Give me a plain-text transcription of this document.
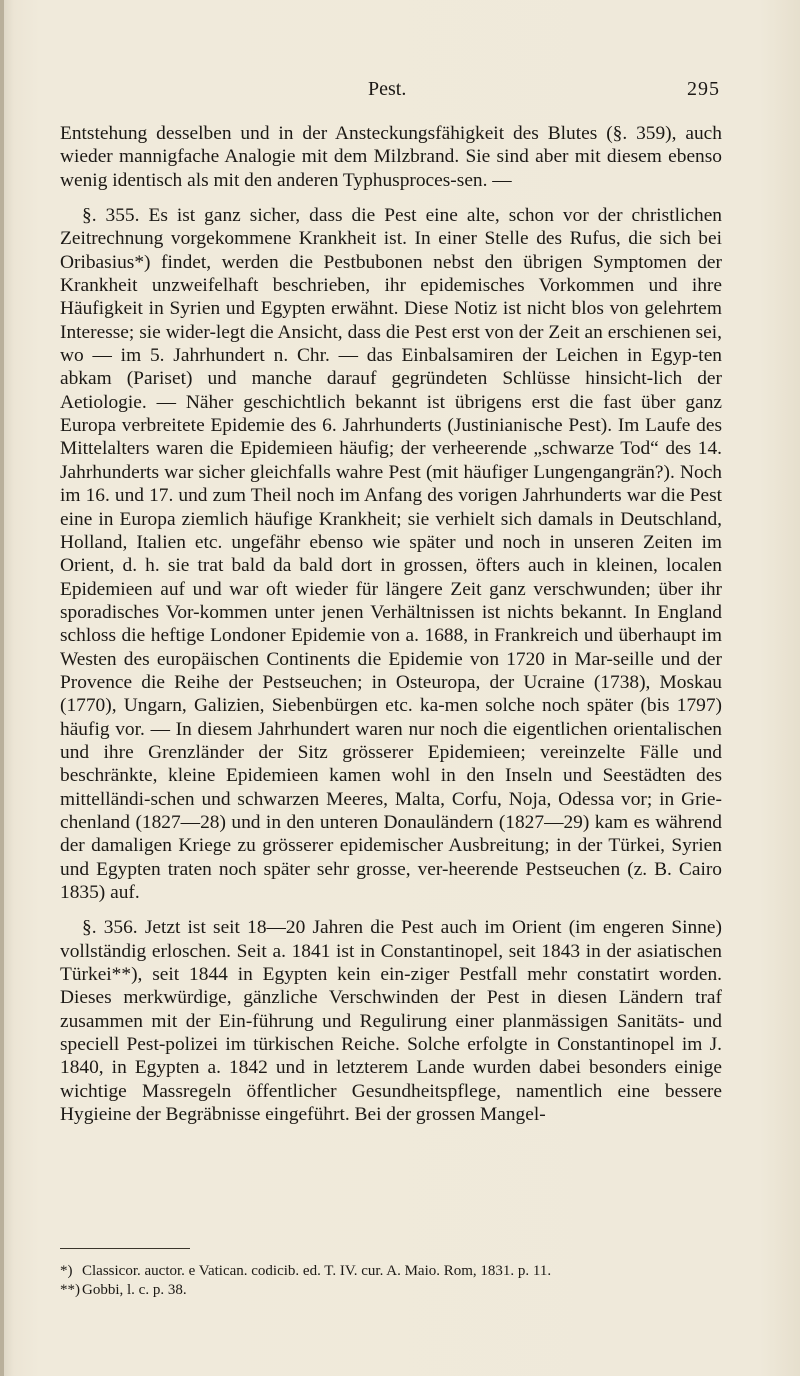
Pest.	295

Entstehung desselben und in der Ansteckungsfähigkeit des Blutes (§. 359), auch wieder mannigfache Analogie mit dem Milzbrand. Sie sind aber mit diesem ebenso wenig identisch als mit den anderen Typhusproces-sen. —

§. 355. Es ist ganz sicher, dass die Pest eine alte, schon vor der christlichen Zeitrechnung vorgekommene Krankheit ist. In einer Stelle des Rufus, die sich bei Oribasius*) findet, werden die Pestbubonen nebst den übrigen Symptomen der Krankheit unzweifelhaft beschrieben, ihr epidemisches Vorkommen und ihre Häufigkeit in Syrien und Egypten erwähnt. Diese Notiz ist nicht blos von gelehrtem Interesse; sie wider-legt die Ansicht, dass die Pest erst von der Zeit an erschienen sei, wo — im 5. Jahrhundert n. Chr. — das Einbalsamiren der Leichen in Egyp-ten abkam (Pariset) und manche darauf gegründeten Schlüsse hinsicht-lich der Aetiologie. — Näher geschichtlich bekannt ist übrigens erst die fast über ganz Europa verbreitete Epidemie des 6. Jahrhunderts (Justinianische Pest). Im Laufe des Mittelalters waren die Epidemieen häufig; der verheerende „schwarze Tod“ des 14. Jahrhunderts war sicher gleichfalls wahre Pest (mit häufiger Lungengangrän?). Noch im 16. und 17. und zum Theil noch im Anfang des vorigen Jahrhunderts war die Pest eine in Europa ziemlich häufige Krankheit; sie verhielt sich damals in Deutschland, Holland, Italien etc. ungefähr ebenso wie später und noch in unseren Zeiten im Orient, d. h. sie trat bald da bald dort in grossen, öfters auch in kleinen, localen Epidemieen auf und war oft wieder für längere Zeit ganz verschwunden; über ihr sporadisches Vor-kommen unter jenen Verhältnissen ist nichts bekannt. In England schloss die heftige Londoner Epidemie von a. 1688, in Frankreich und überhaupt im Westen des europäischen Continents die Epidemie von 1720 in Mar-seille und der Provence die Reihe der Pestseuchen; in Osteuropa, der Ucraine (1738), Moskau (1770), Ungarn, Galizien, Siebenbürgen etc. ka-men solche noch später (bis 1797) häufig vor. — In diesem Jahrhundert waren nur noch die eigentlichen orientalischen und ihre Grenzländer der Sitz grösserer Epidemieen; vereinzelte Fälle und beschränkte, kleine Epidemieen kamen wohl in den Inseln und Seestädten des mittelländi-schen und schwarzen Meeres, Malta, Corfu, Noja, Odessa vor; in Grie-chenland (1827—28) und in den unteren Donauländern (1827—29) kam es während der damaligen Kriege zu grösserer epidemischer Ausbreitung; in der Türkei, Syrien und Egypten traten noch später sehr grosse, ver-heerende Pestseuchen (z. B. Cairo 1835) auf.

§. 356. Jetzt ist seit 18—20 Jahren die Pest auch im Orient (im engeren Sinne) vollständig erloschen. Seit a. 1841 ist in Constantinopel, seit 1843 in der asiatischen Türkei**), seit 1844 in Egypten kein ein-ziger Pestfall mehr constatirt worden. Dieses merkwürdige, gänzliche Verschwinden der Pest in diesen Ländern traf zusammen mit der Ein-führung und Regulirung einer planmässigen Sanitäts- und speciell Pest-polizei im türkischen Reiche. Solche erfolgte in Constantinopel im J. 1840, in Egypten a. 1842 und in letzterem Lande wurden dabei besonders einige wichtige Massregeln öffentlicher Gesundheitspflege, namentlich eine bessere Hygieine der Begräbnisse eingeführt. Bei der grossen Mangel-

*) Classicor. auctor. e Vatican. codicib. ed. T. IV. cur. A. Maio. Rom, 1831. p. 11.
**) Gobbi, l. c. p. 38.
